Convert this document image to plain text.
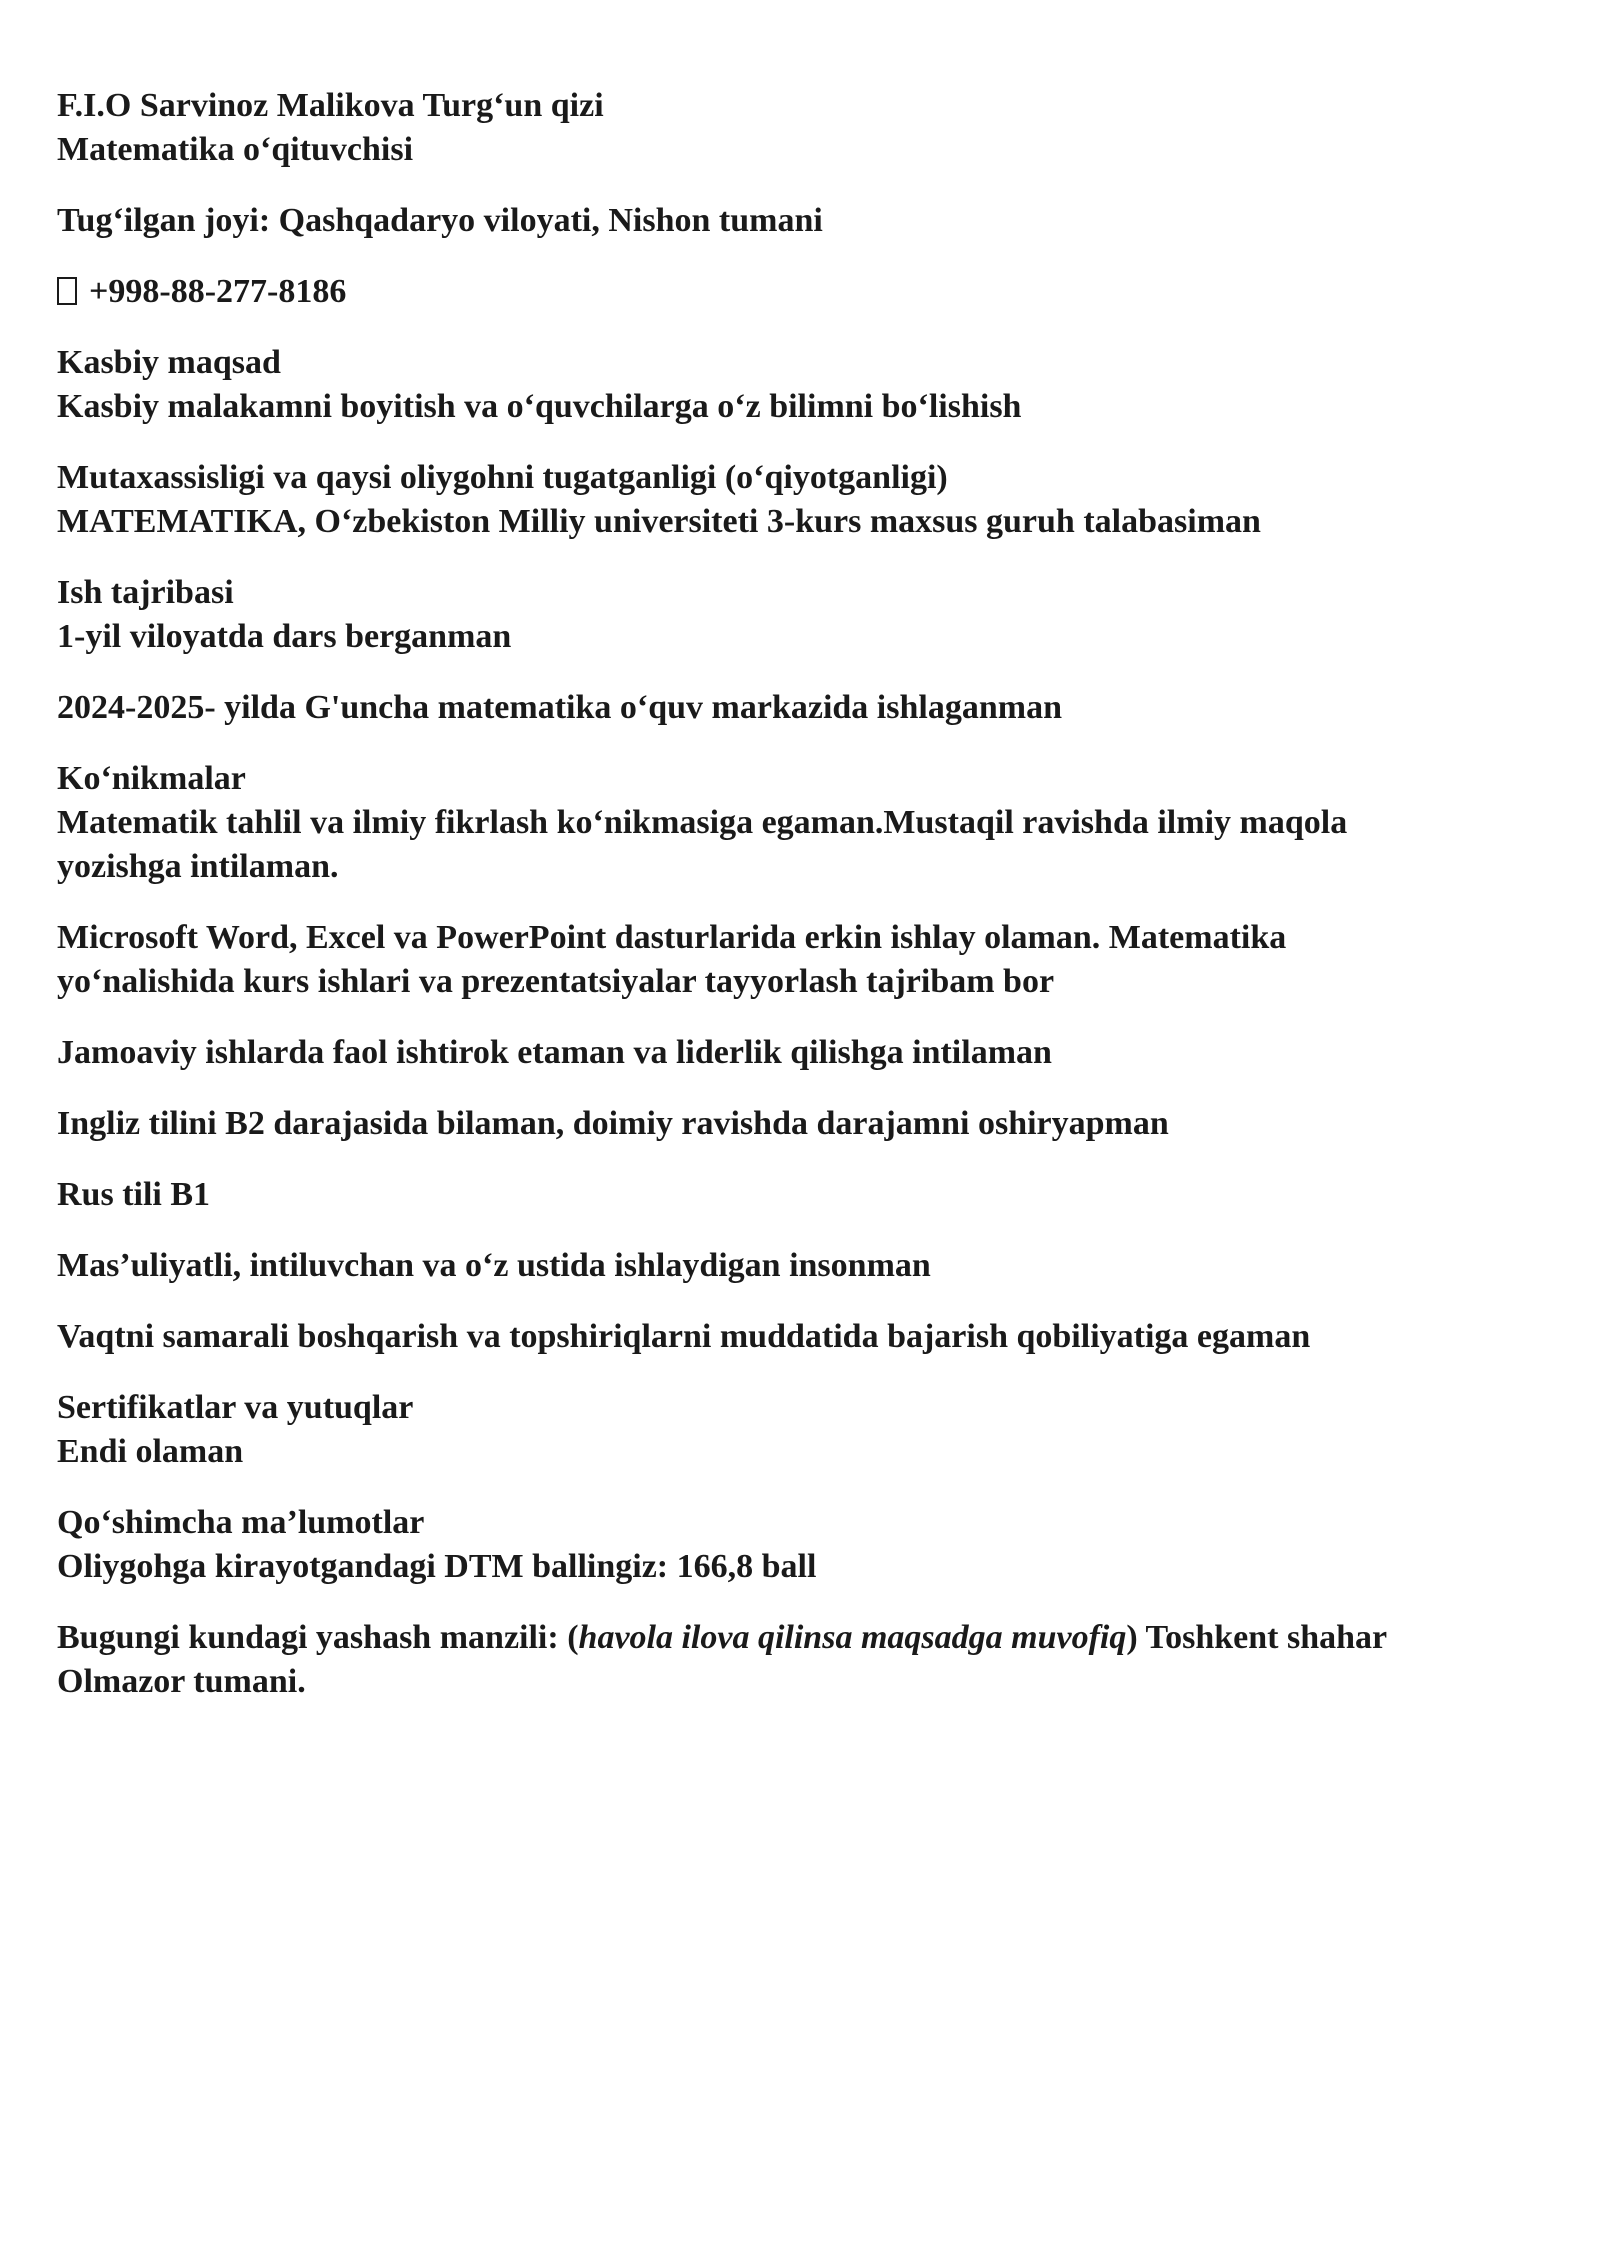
F.I.O Sarvinoz Malikova Turg‘un qizi
Matematika o‘qituvchisi

Tug‘ilgan joyi: Qashqadaryo viloyati, Nishon tumani

+998-88-277-8186

Kasbiy maqsad
Kasbiy malakamni boyitish va o‘quvchilarga o‘z bilimni bo‘lishish

Mutaxassisligi va qaysi oliygohni tugatganligi (o‘qiyotganligi)
MATEMATIKA, O‘zbekiston Milliy universiteti 3-kurs maxsus guruh talabasiman

Ish tajribasi
1-yil viloyatda dars berganman

2024-2025- yilda G'uncha matematika o‘quv markazida ishlaganman

Ko‘nikmalar
Matematik tahlil va ilmiy fikrlash ko‘nikmasiga egaman.Mustaqil ravishda ilmiy maqola
yozishga intilaman.

Microsoft Word, Excel va PowerPoint dasturlarida erkin ishlay olaman. Matematika
yo‘nalishida kurs ishlari va prezentatsiyalar tayyorlash tajribam bor

Jamoaviy ishlarda faol ishtirok etaman va liderlik qilishga intilaman

Ingliz tilini B2 darajasida bilaman, doimiy ravishda darajamni oshiryapman

Rus tili B1

Mas’uliyatli, intiluvchan va o‘z ustida ishlaydigan insonman

Vaqtni samarali boshqarish va topshiriqlarni muddatida bajarish qobiliyatiga egaman

Sertifikatlar va yutuqlar
Endi olaman

Qo‘shimcha ma’lumotlar
Oliygohga kirayotgandagi DTM ballingiz: 166,8 ball

Bugungi kundagi yashash manzili: (havola ilova qilinsa maqsadga muvofiq) Toshkent shahar
Olmazor tumani.
